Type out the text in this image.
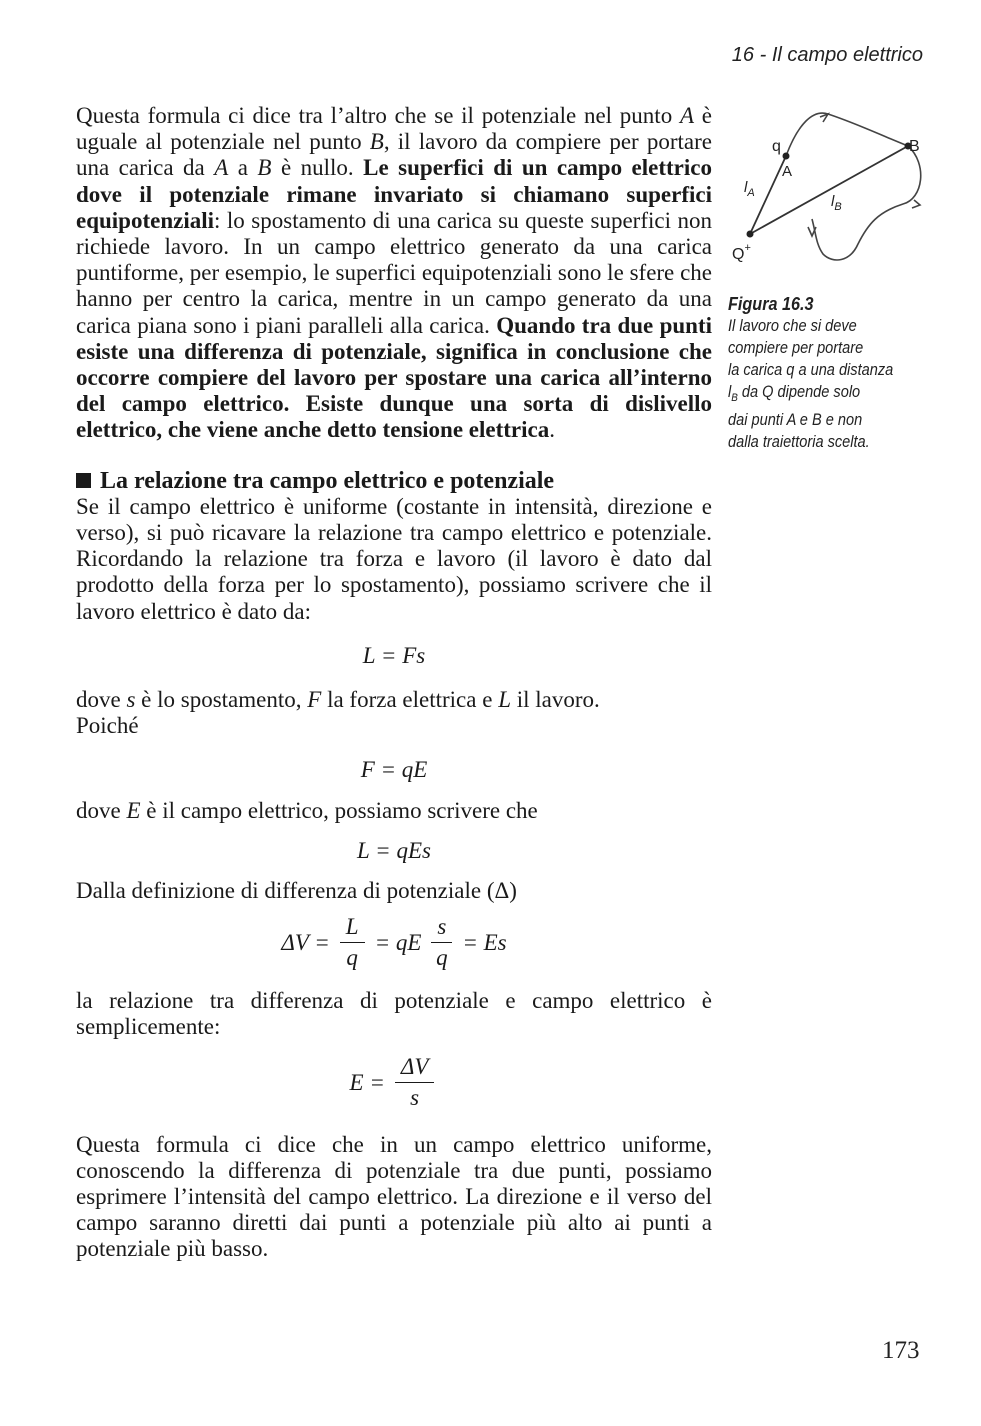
16 - Il campo elettrico
q
A
B
$l_A$	$l_B$
Q+
Figura 16.3
Il lavoro che si deve
compiere per portare
la carica q a una distanza
$l_B$ da Q dipende solo
dai punti A e B e non
dalla traiettoria scelta.

Questa formula ci dice tra l’altro che se il potenziale nel punto A è uguale al potenziale nel punto B, il lavoro da compiere per portare una carica da A a B è nullo. Le superfici di un campo elettrico dove il potenziale rimane invariato si chiamano superfici equipotenziali: lo spostamento di una carica su queste superfici non richiede lavoro. In un campo elettrico generato da una carica puntiforme, per esempio, le superfici equipotenziali sono le sfere che hanno per centro la carica, mentre in un campo generato da una carica piana sono i piani paralleli alla carica. Quando tra due punti esiste una differenza di potenziale, significa in conclusione che occorre compiere del lavoro per spostare una carica all’interno del campo elettrico. Esiste dunque una sorta di dislivello elettrico, che viene anche detto tensione elettrica.

La relazione tra campo elettrico e potenziale

Se il campo elettrico è uniforme (costante in intensità, direzione e verso), si può ricavare la relazione tra campo elettrico e potenziale. Ricordando la relazione tra forza e lavoro (il lavoro è dato dal prodotto della forza per lo spostamento), possiamo scrivere che il lavoro elettrico è dato da:

L = Fs

dove s è lo spostamento, F la forza elettrica e L il lavoro.
Poiché

F = qE

dove E è il campo elettrico, possiamo scrivere che

L = qEs

Dalla definizione di differenza di potenziale (Δ)

$\Delta V = \frac{L}{q}$ = qE $\frac{s}{q} = Es$

la relazione tra differenza di potenziale e campo elettrico è semplicemente:

$E = \frac{\Delta V}{s}$

Questa formula ci dice che in un campo elettrico uniforme, conoscendo la differenza di potenziale tra due punti, possiamo esprimere l’intensità del campo elettrico. La direzione e il verso del campo saranno diretti dai punti a potenziale più alto ai punti a potenziale più basso.

173
